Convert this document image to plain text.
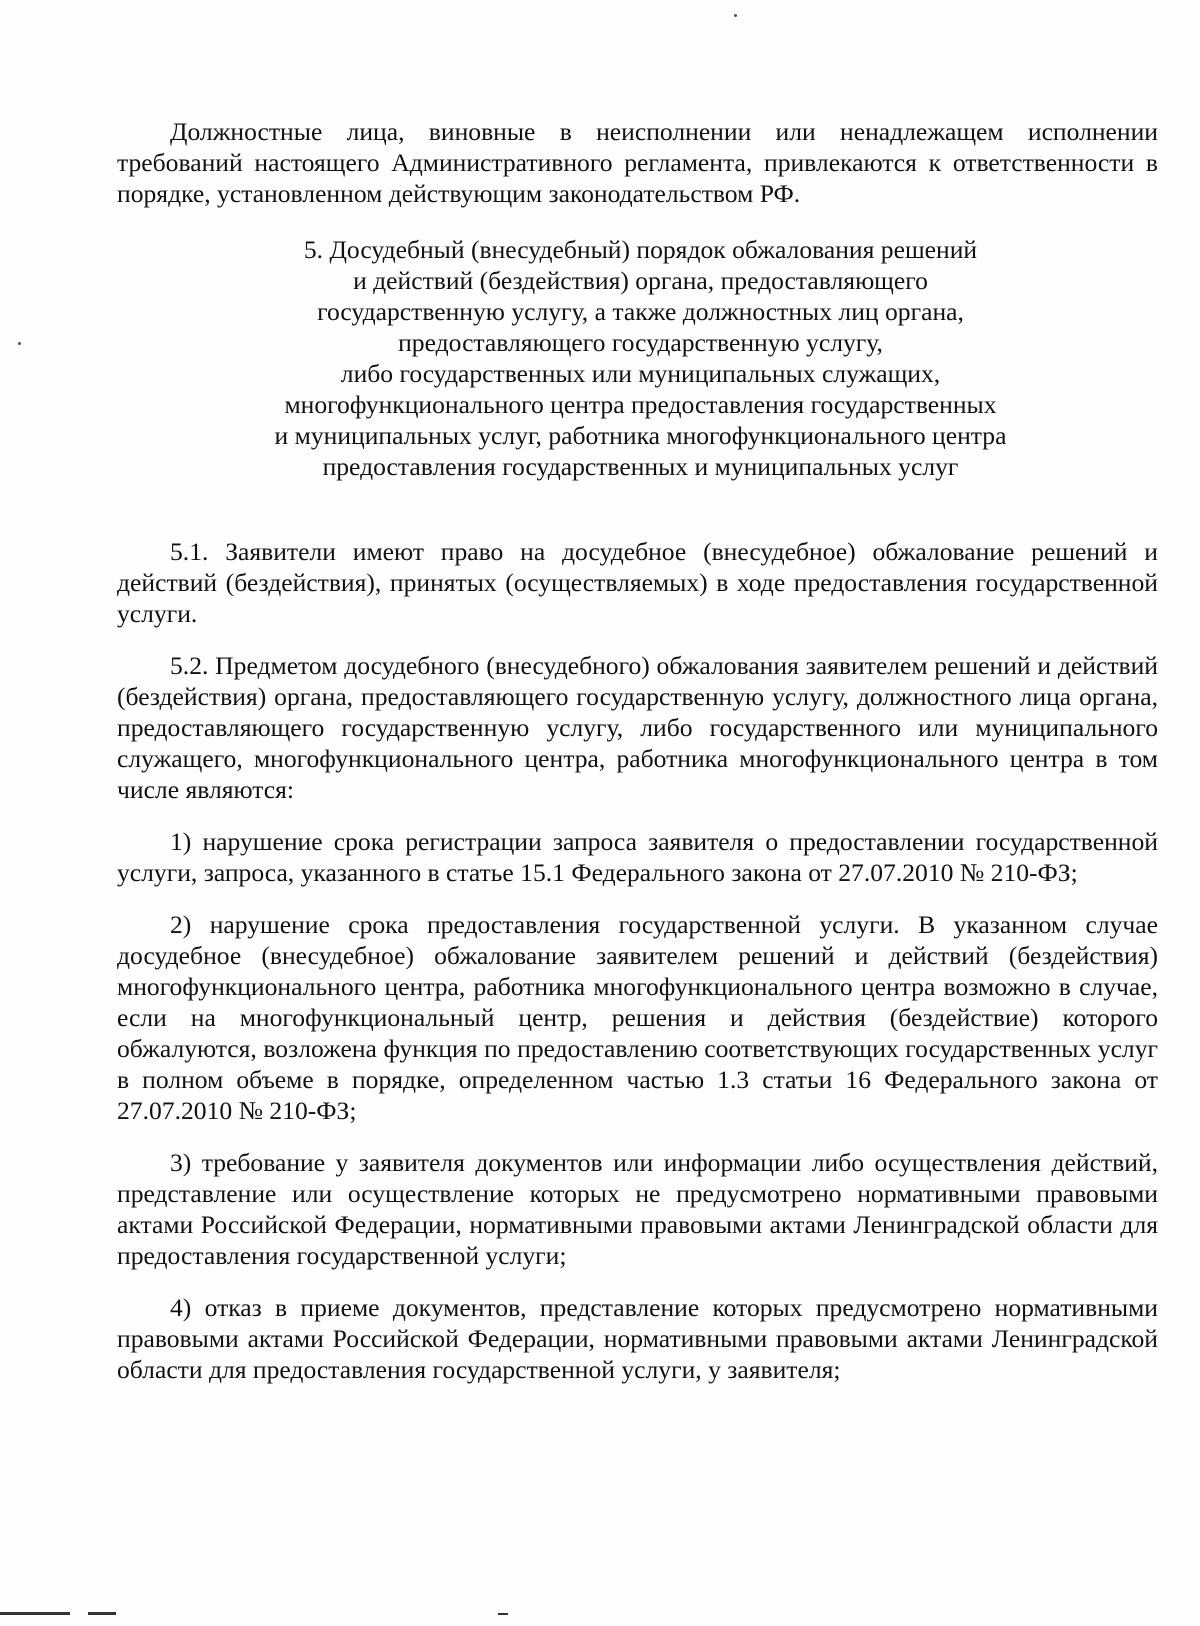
Должностные лица, виновные в неисполнении или ненадлежащем исполнении требований настоящего Административного регламента, привлекаются к ответственности в порядке, установленном действующим законодательством РФ.

5. Досудебный (внесудебный) порядок обжалования решений
и действий (бездействия) органа, предоставляющего
государственную услугу, а также должностных лиц органа,
предоставляющего государственную услугу,
либо государственных или муниципальных служащих,
многофункционального центра предоставления государственных
и муниципальных услуг, работника многофункционального центра
предоставления государственных и муниципальных услуг

5.1. Заявители имеют право на досудебное (внесудебное) обжалование решений и действий (бездействия), принятых (осуществляемых) в ходе предоставления государственной услуги.

5.2. Предметом досудебного (внесудебного) обжалования заявителем решений и действий (бездействия) органа, предоставляющего государственную услугу, должностного лица органа, предоставляющего государственную услугу, либо государственного или муниципального служащего, многофункционального центра, работника многофункционального центра в том числе являются:

1) нарушение срока регистрации запроса заявителя о предоставлении государственной услуги, запроса, указанного в статье 15.1 Федерального закона от 27.07.2010 № 210-ФЗ;

2) нарушение срока предоставления государственной услуги. В указанном случае досудебное (внесудебное) обжалование заявителем решений и действий (бездействия) многофункционального центра, работника многофункционального центра возможно в случае, если на многофункциональный центр, решения и действия (бездействие) которого обжалуются, возложена функция по предоставлению соответствующих государственных услуг в полном объеме в порядке, определенном частью 1.3 статьи 16 Федерального закона от 27.07.2010 № 210-ФЗ;

3) требование у заявителя документов или информации либо осуществления действий, представление или осуществление которых не предусмотрено нормативными правовыми актами Российской Федерации, нормативными правовыми актами Ленинградской области для предоставления государственной услуги;

4) отказ в приеме документов, представление которых предусмотрено нормативными правовыми актами Российской Федерации, нормативными правовыми актами Ленинградской области для предоставления государственной услуги, у заявителя;
